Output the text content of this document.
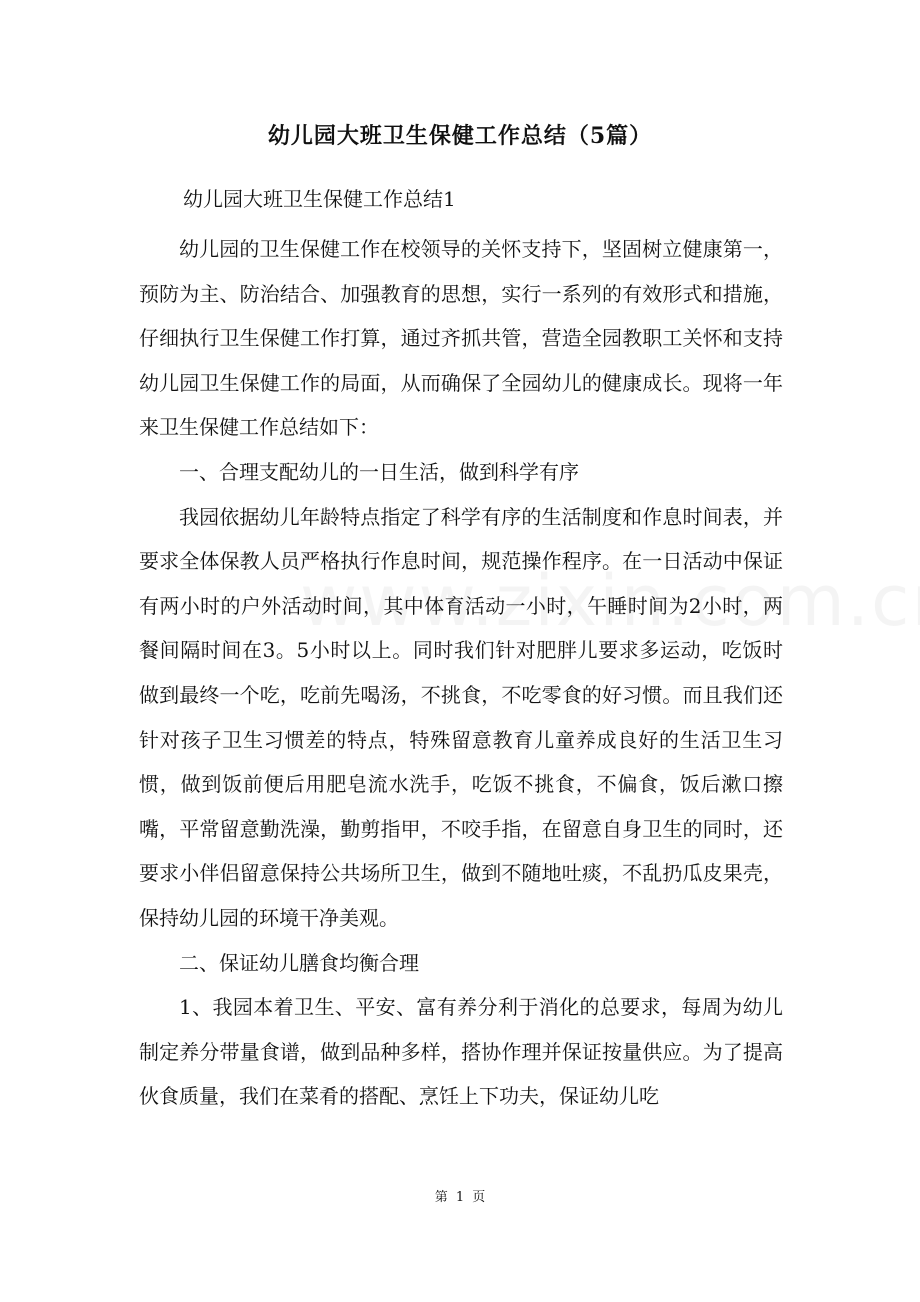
幼儿园大班卫生保健工作总结（5篇）
幼儿园大班卫生保健工作总结1

幼儿园的卫生保健工作在校领导的关怀支持下，坚固树立健康第一，预防为主、防治结合、加强教育的思想，实行一系列的有效形式和措施，仔细执行卫生保健工作打算，通过齐抓共管，营造全园教职工关怀和支持幼儿园卫生保健工作的局面，从而确保了全园幼儿的健康成长。现将一年来卫生保健工作总结如下：

一、合理支配幼儿的一日生活，做到科学有序

我园依据幼儿年龄特点指定了科学有序的生活制度和作息时间表，并要求全体保教人员严格执行作息时间，规范操作程序。在一日活动中保证有两小时的户外活动时间，其中体育活动一小时，午睡时间为2小时，两餐间隔时间在3。5小时以上。同时我们针对肥胖儿要求多运动，吃饭时做到最终一个吃，吃前先喝汤，不挑食，不吃零食的好习惯。而且我们还针对孩子卫生习惯差的特点，特殊留意教育儿童养成良好的生活卫生习惯，做到饭前便后用肥皂流水洗手，吃饭不挑食，不偏食，饭后漱口擦嘴，平常留意勤洗澡，勤剪指甲，不咬手指，在留意自身卫生的同时，还要求小伴侣留意保持公共场所卫生，做到不随地吐痰，不乱扔瓜皮果壳，保持幼儿园的环境干净美观。

二、保证幼儿膳食均衡合理

1、我园本着卫生、平安、富有养分利于消化的总要求，每周为幼儿制定养分带量食谱，做到品种多样，搭协作理并保证按量供应。为了提高伙食质量，我们在菜肴的搭配、烹饪上下功夫，保证幼儿吃

第 1 页
